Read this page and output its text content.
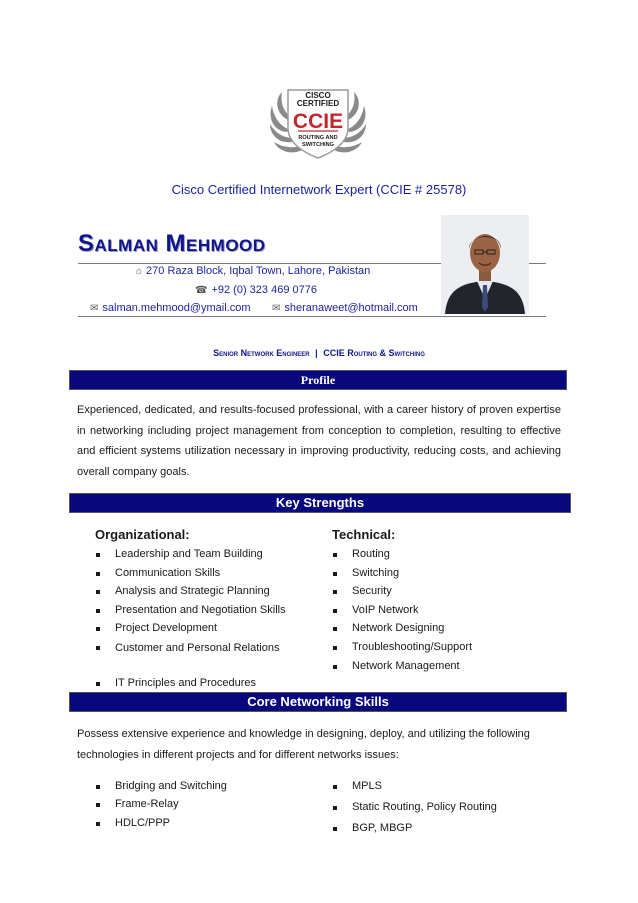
CISCO
CERTIFIED
CCIE
ROUTING AND
SWITCHING
Cisco Certified Internetwork Expert (CCIE # 25578)
Salman Mehmood
⌂ 270 Raza Block, Iqbal Town, Lahore, Pakistan
☎ +92 (0) 323 469 0776
✉ salman.mehmood@ymail.com ✉ sheranaweet@hotmail.com
Senior Network Engineer | CCIE Routing & Switching
Profile
Experienced, dedicated, and results-focused professional, with a career history of proven expertise in networking including project management from conception to completion, resulting to effective and efficient systems utilization necessary in improving productivity, reducing costs, and achieving overall company goals.
Key Strengths
Organizational:	Technical:
Leadership and Team Building
Communication Skills
Analysis and Strategic Planning
Presentation and Negotiation Skills
Project Development
Customer and Personal Relations
IT Principles and Procedures
Routing
Switching
Security
VoIP Network
Network Designing
Troubleshooting/Support
Network Management
Core Networking Skills
Possess extensive experience and knowledge in designing, deploy, and utilizing the following technologies in different projects and for different networks issues:
Bridging and Switching
Frame-Relay
HDLC/PPP
MPLS
Static Routing, Policy Routing
BGP, MBGP
